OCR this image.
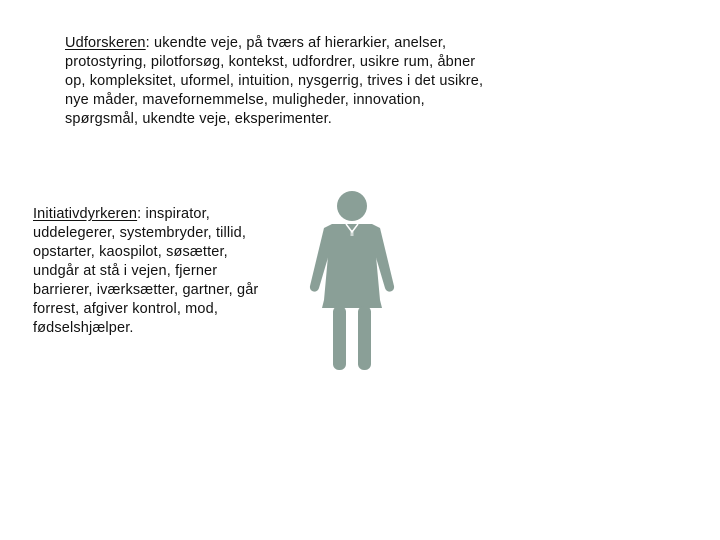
Udforskeren: ukendte veje, på tværs af hierarkier, anelser, protostyring, pilotforsøg, kontekst, udfordrer, usikre rum, åbner op, kompleksitet, uformel, intuition, nysgerrig, trives i det usikre, nye måder, mavefornemmelse, muligheder, innovation, spørgsmål, ukendte veje, eksperimenter.

Initiativdyrkeren: inspirator, uddelegerer, systembryder, tillid, opstarter, kaospilot, søsætter, undgår at stå i vejen, fjerner barrierer, iværksætter, gartner, går forrest, afgiver kontrol, mod, fødselshjælper.
